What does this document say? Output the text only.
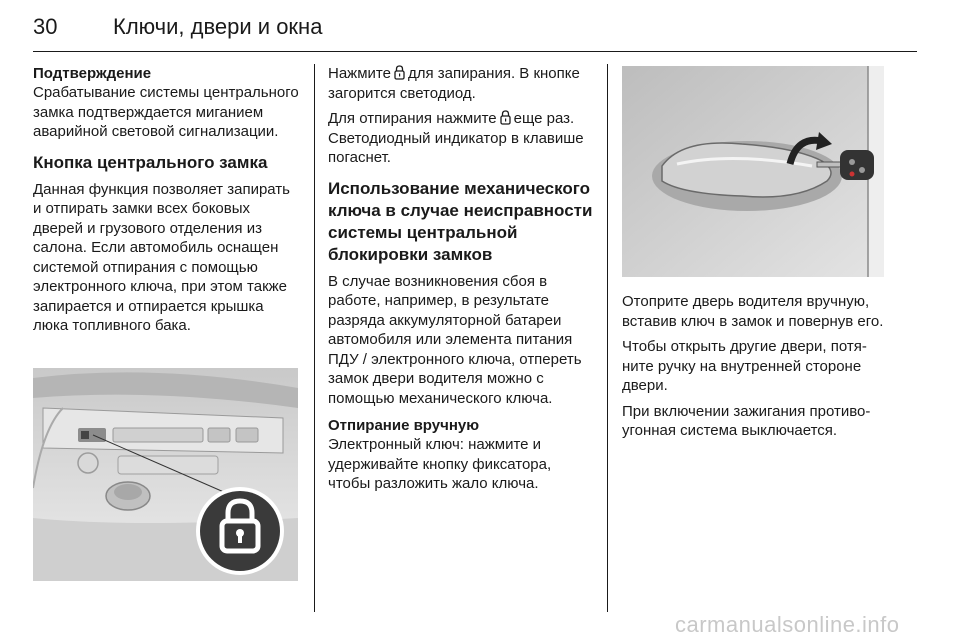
30	Ключи, двери и окна
Подтверждение

Срабатывание системы центрального замка подтверждается миганием аварийной световой сигнализации.

Кнопка центрального замка

Данная функция позволяет запирать и отпирать замки всех боковых дверей и грузового отделения из салона. Если автомобиль оснащен системой отпирания с помощью электронного ключа, при этом также запирается и отпирается крышка люка топливного бака.

Нажмите для запирания. В кнопке загорится светодиод.

Для отпирания нажмите еще раз. Светодиодный индикатор в клавише погаснет.

Использование механического ключа в случае неисправности системы центральной блокировки замков

В случае возникновения сбоя в работе, например, в результате разряда аккумуляторной батареи автомобиля или элемента питания ПДУ / электронного ключа, отпереть замок двери водителя можно с помощью механического ключа.

Отпирание вручную

Электронный ключ: нажмите и удерживайте кнопку фиксатора, чтобы разложить жало ключа.

Отоприте дверь водителя вручную, вставив ключ в замок и повернув его.

Чтобы открыть другие двери, потяните ручку на внутренней стороне двери.

При включении зажигания противоугонная система выключается.

carmanualsonline.info
